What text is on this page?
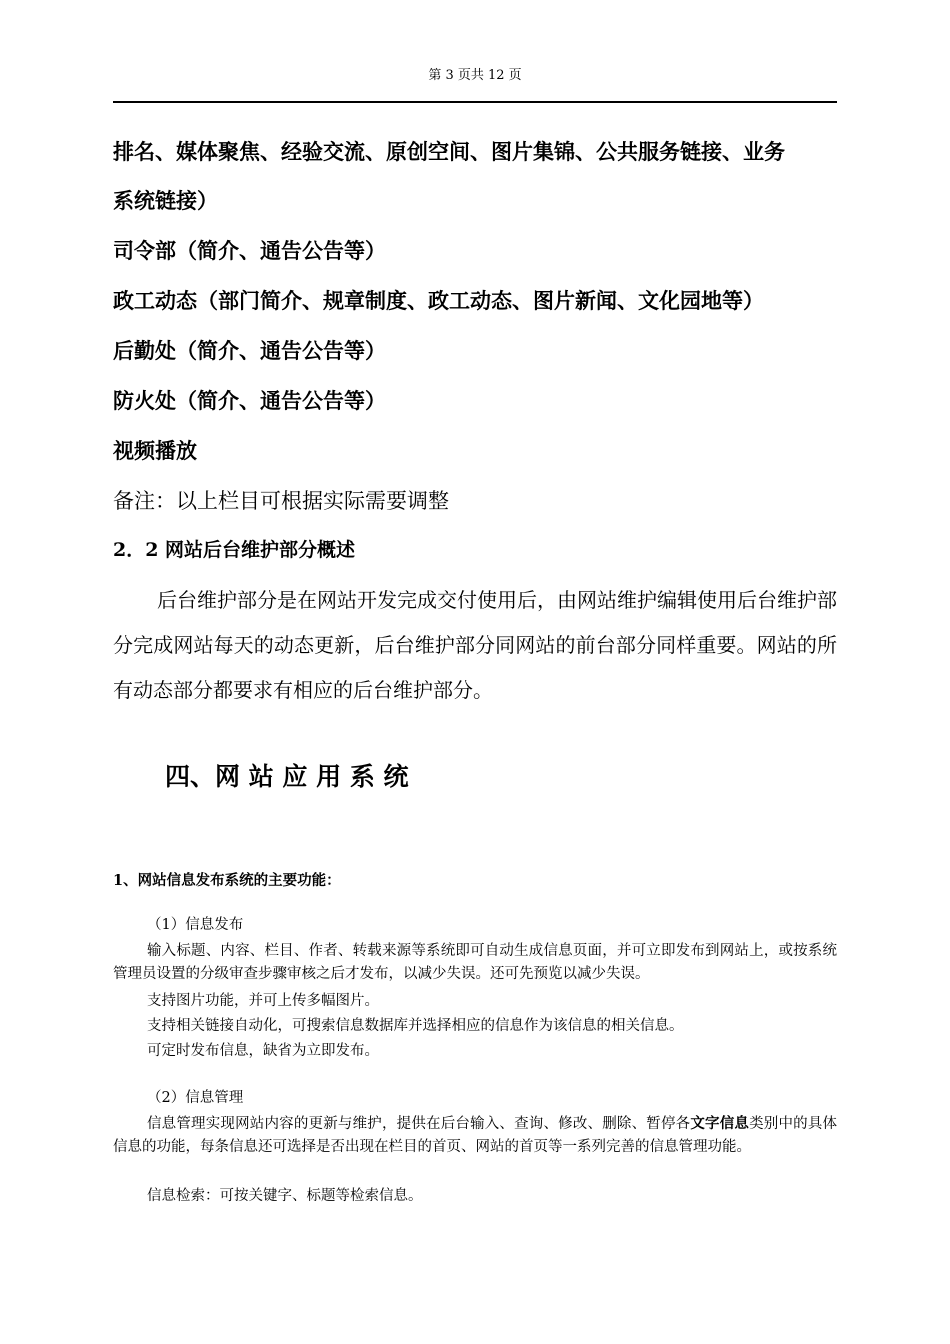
第 3 页共 12 页
排名、媒体聚焦、经验交流、原创空间、图片集锦、公共服务链接、业务
系统链接）
司令部（简介、通告公告等）
政工动态（部门简介、规章制度、政工动态、图片新闻、文化园地等）
后勤处（简介、通告公告等）
防火处（简介、通告公告等）
视频播放
备注：以上栏目可根据实际需要调整
2．2 网站后台维护部分概述
后台维护部分是在网站开发完成交付使用后，由网站维护编辑使用后台维护部分完成网站每天的动态更新，后台维护部分同网站的前台部分同样重要。网站的所有动态部分都要求有相应的后台维护部分。
四、网 站 应 用 系 统
1、网站信息发布系统的主要功能：
（1）信息发布
输入标题、内容、栏目、作者、转载来源等系统即可自动生成信息页面，并可立即发布到网站上，或按系统管理员设置的分级审查步骤审核之后才发布，以减少失误。还可先预览以减少失误。
支持图片功能，并可上传多幅图片。
支持相关链接自动化，可搜索信息数据库并选择相应的信息作为该信息的相关信息。
可定时发布信息，缺省为立即发布。
（2）信息管理
信息管理实现网站内容的更新与维护，提供在后台输入、查询、修改、删除、暂停各文字信息类别中的具体信息的功能，每条信息还可选择是否出现在栏目的首页、网站的首页等一系列完善的信息管理功能。
信息检索：可按关键字、标题等检索信息。
